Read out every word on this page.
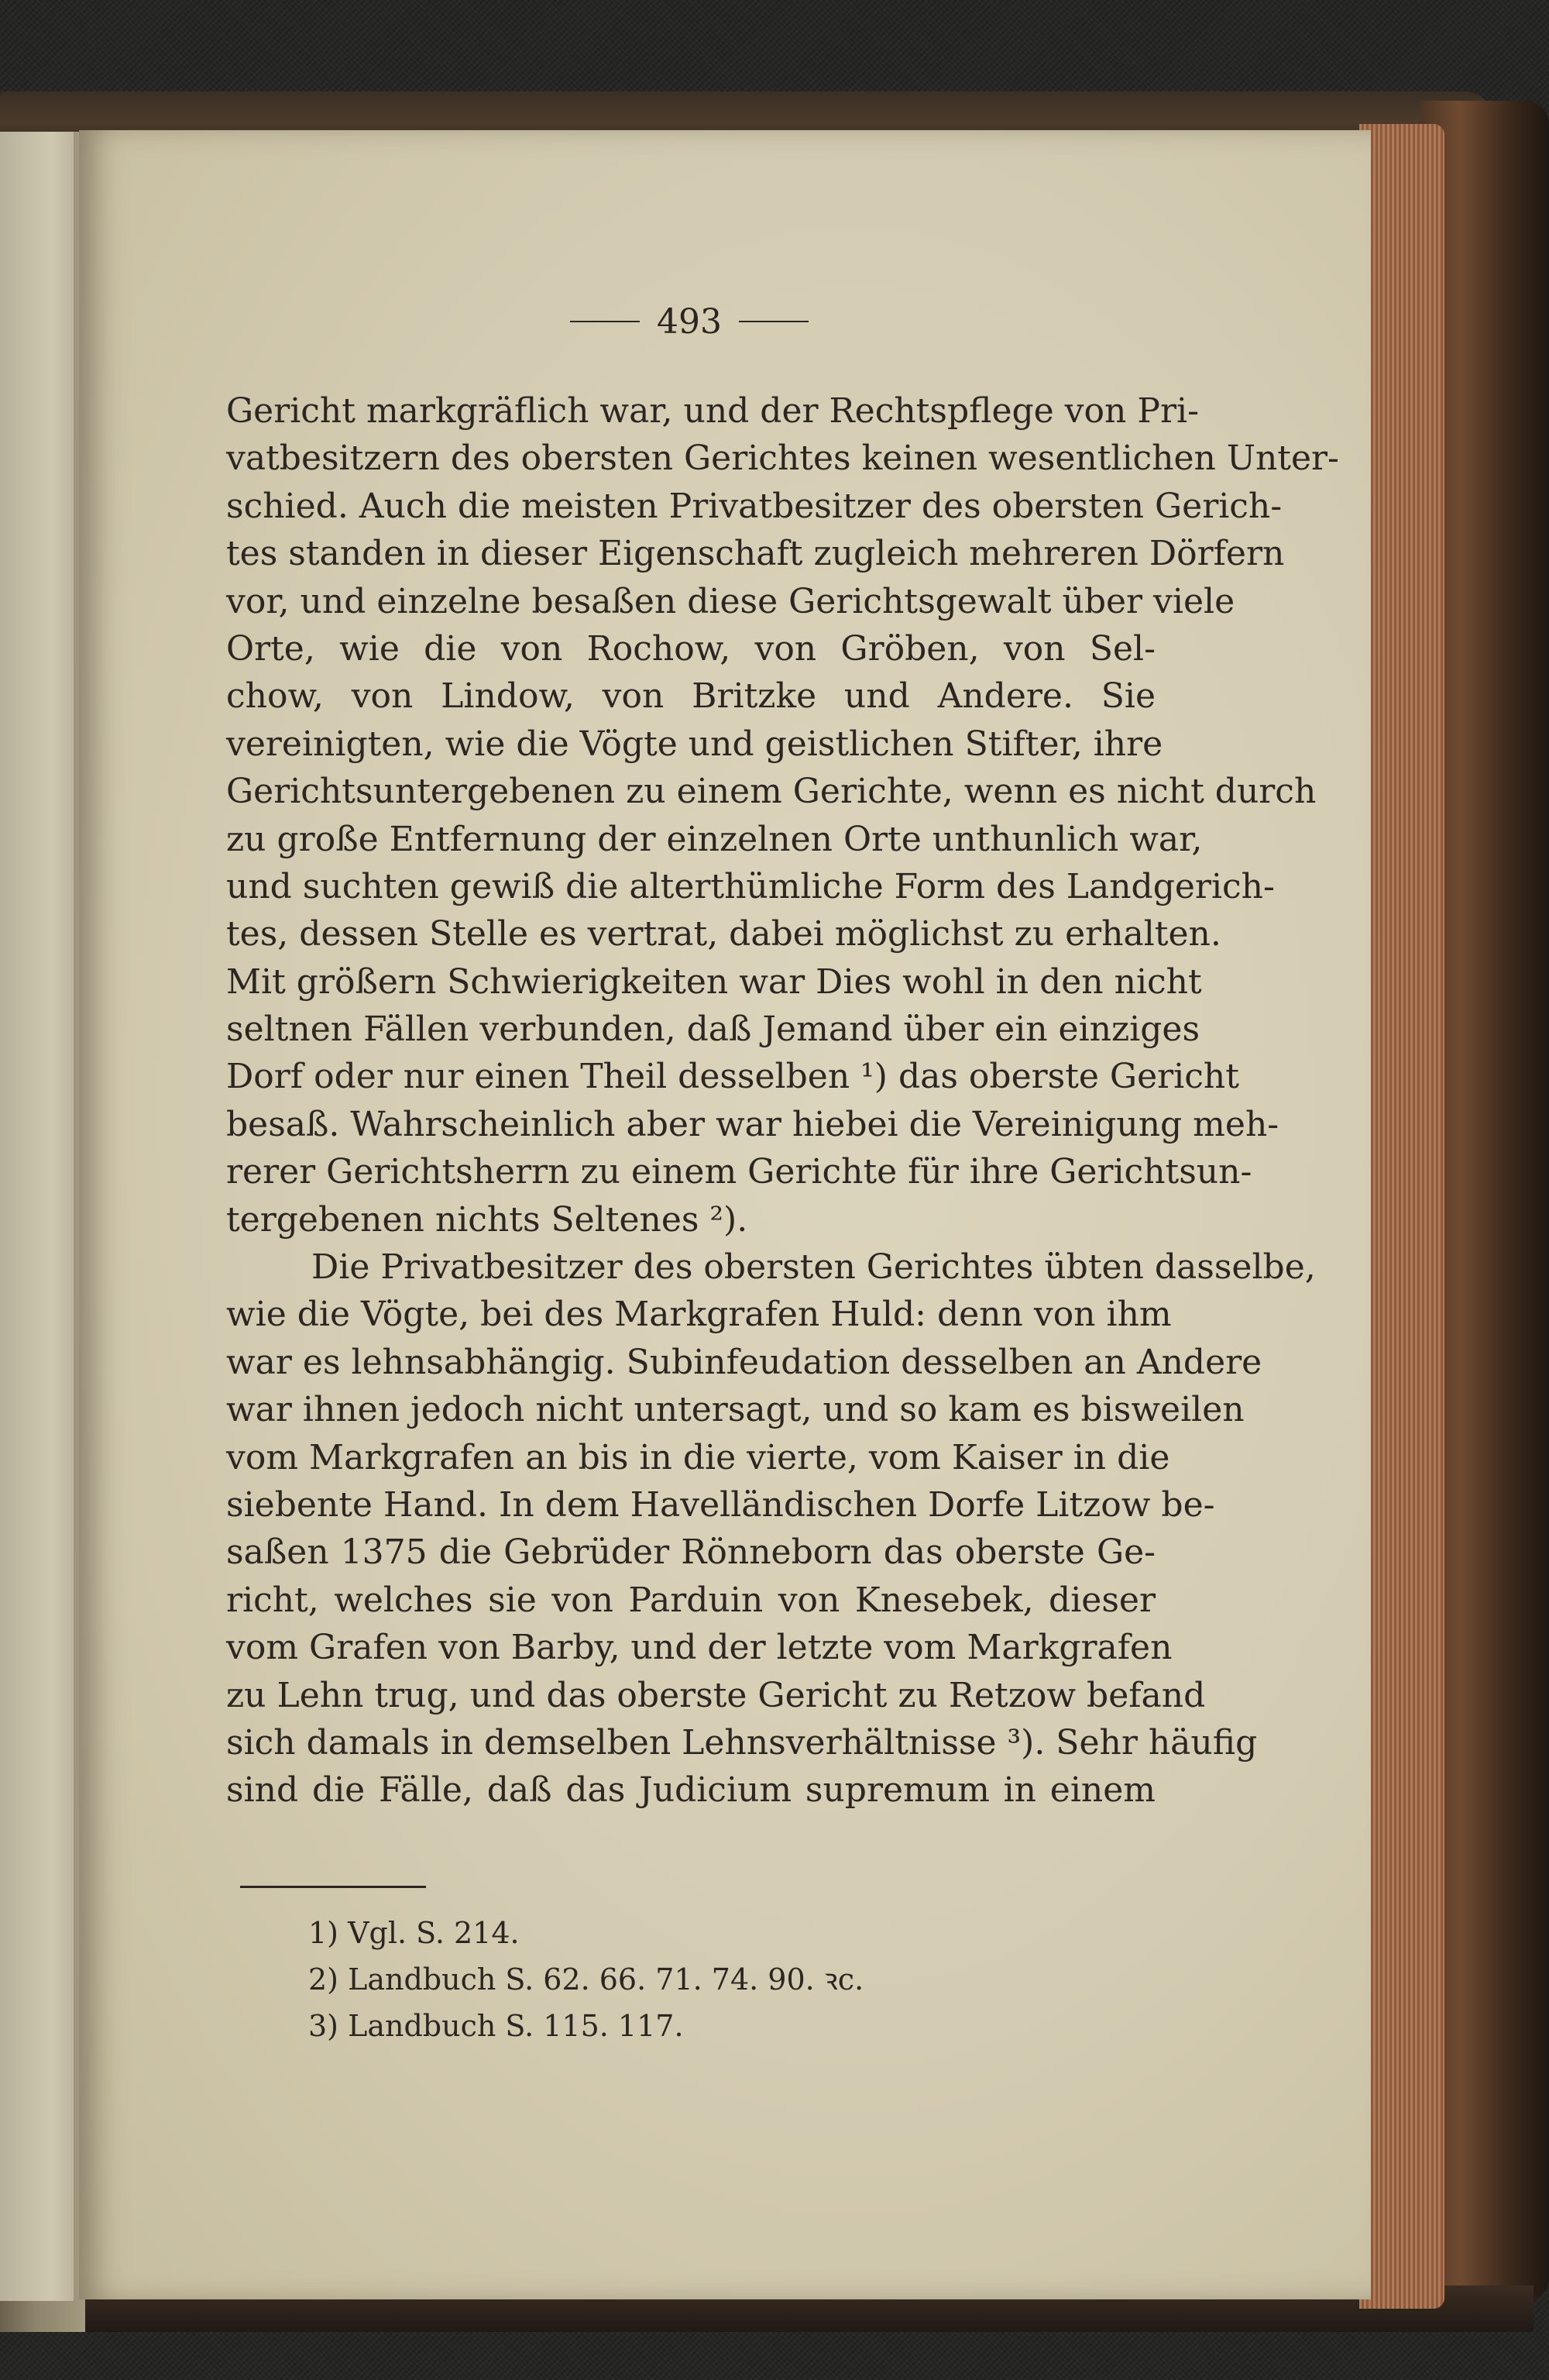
493
Gericht markgräflich war, und der Rechtspflege von Pri-
vatbesitzern des obersten Gerichtes keinen wesentlichen Unter-
schied. Auch die meisten Privatbesitzer des obersten Gerich-
tes standen in dieser Eigenschaft zugleich mehreren Dörfern
vor, und einzelne besaßen diese Gerichtsgewalt über viele
Orte, wie die von Rochow, von Gröben, von Sel-
chow, von Lindow, von Britzke und Andere. Sie
vereinigten, wie die Vögte und geistlichen Stifter, ihre
Gerichtsuntergebenen zu einem Gerichte, wenn es nicht durch
zu große Entfernung der einzelnen Orte unthunlich war,
und suchten gewiß die alterthümliche Form des Landgerich-
tes, dessen Stelle es vertrat, dabei möglichst zu erhalten.
Mit größern Schwierigkeiten war Dies wohl in den nicht
seltnen Fällen verbunden, daß Jemand über ein einziges
Dorf oder nur einen Theil desselben ¹) das oberste Gericht
besaß. Wahrscheinlich aber war hiebei die Vereinigung meh-
rerer Gerichtsherrn zu einem Gerichte für ihre Gerichtsun-
tergebenen nichts Seltenes ²).
Die Privatbesitzer des obersten Gerichtes übten dasselbe,
wie die Vögte, bei des Markgrafen Huld: denn von ihm
war es lehnsabhängig. Subinfeudation desselben an Andere
war ihnen jedoch nicht untersagt, und so kam es bisweilen
vom Markgrafen an bis in die vierte, vom Kaiser in die
siebente Hand. In dem Havelländischen Dorfe Litzow be-
saßen 1375 die Gebrüder Rönneborn das oberste Ge-
richt, welches sie von Parduin von Knesebek, dieser
vom Grafen von Barby, und der letzte vom Markgrafen
zu Lehn trug, und das oberste Gericht zu Retzow befand
sich damals in demselben Lehnsverhältnisse ³). Sehr häufig
sind die Fälle, daß das Judicium supremum in einem
1) Vgl. S. 214.
2) Landbuch S. 62. 66. 71. 74. 90. ꝛc.
3) Landbuch S. 115. 117.
